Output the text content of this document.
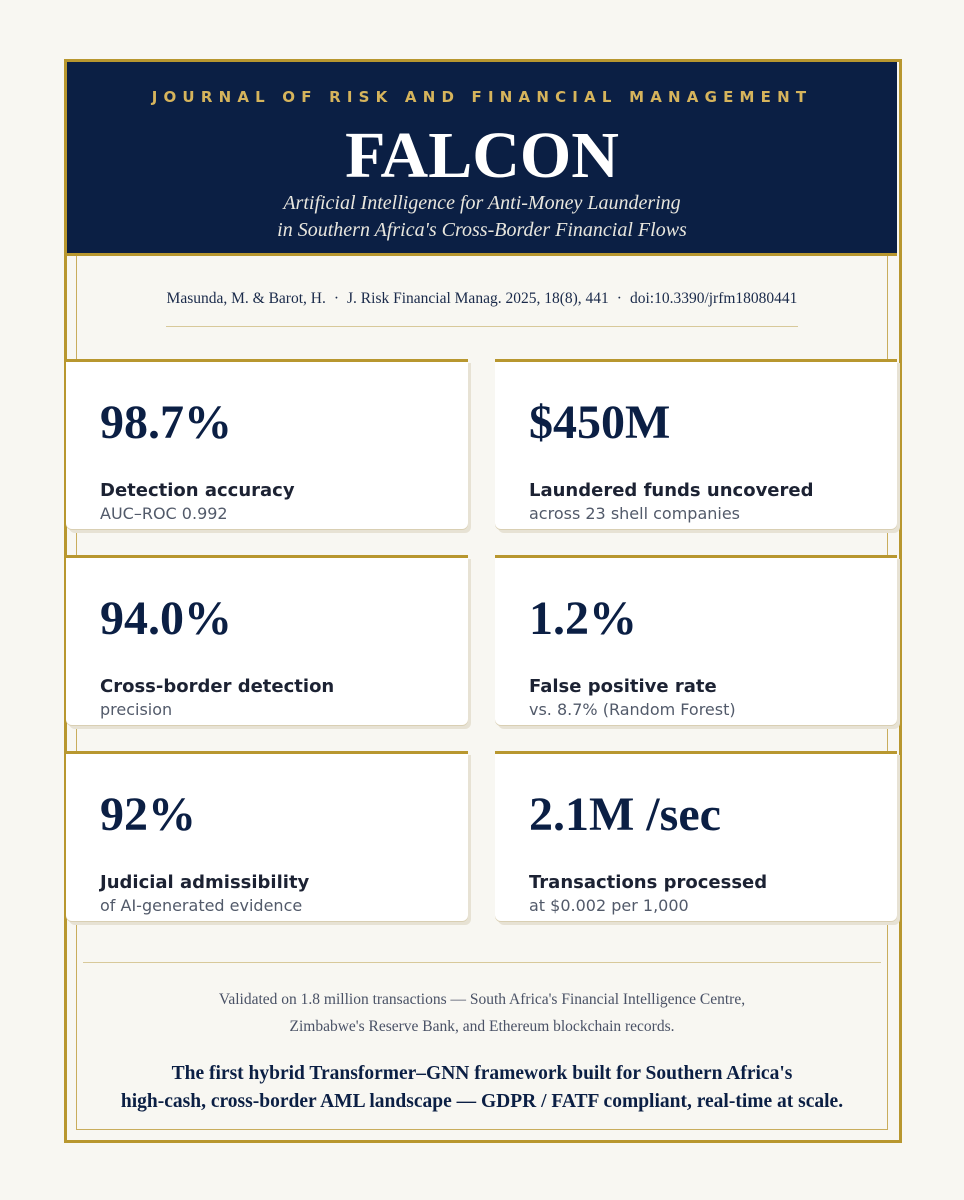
JOURNAL OF RISK AND FINANCIAL MANAGEMENT
FALCON
Artificial Intelligence for Anti-Money Laundering
in Southern Africa's Cross-Border Financial Flows
Masunda, M. & Barot, H. · J. Risk Financial Manag. 2025, 18(8), 441 · doi:10.3390/jrfm18080441
98.7%
Detection accuracy
AUC–ROC 0.992
$450M
Laundered funds uncovered
across 23 shell companies
94.0%
Cross-border detection
precision
1.2%
False positive rate
vs. 8.7% (Random Forest)
92%
Judicial admissibility
of AI-generated evidence
2.1M /sec
Transactions processed
at $0.002 per 1,000
Validated on 1.8 million transactions — South Africa's Financial Intelligence Centre,
Zimbabwe's Reserve Bank, and Ethereum blockchain records.
The first hybrid Transformer–GNN framework built for Southern Africa's
high-cash, cross-border AML landscape — GDPR / FATF compliant, real-time at scale.
